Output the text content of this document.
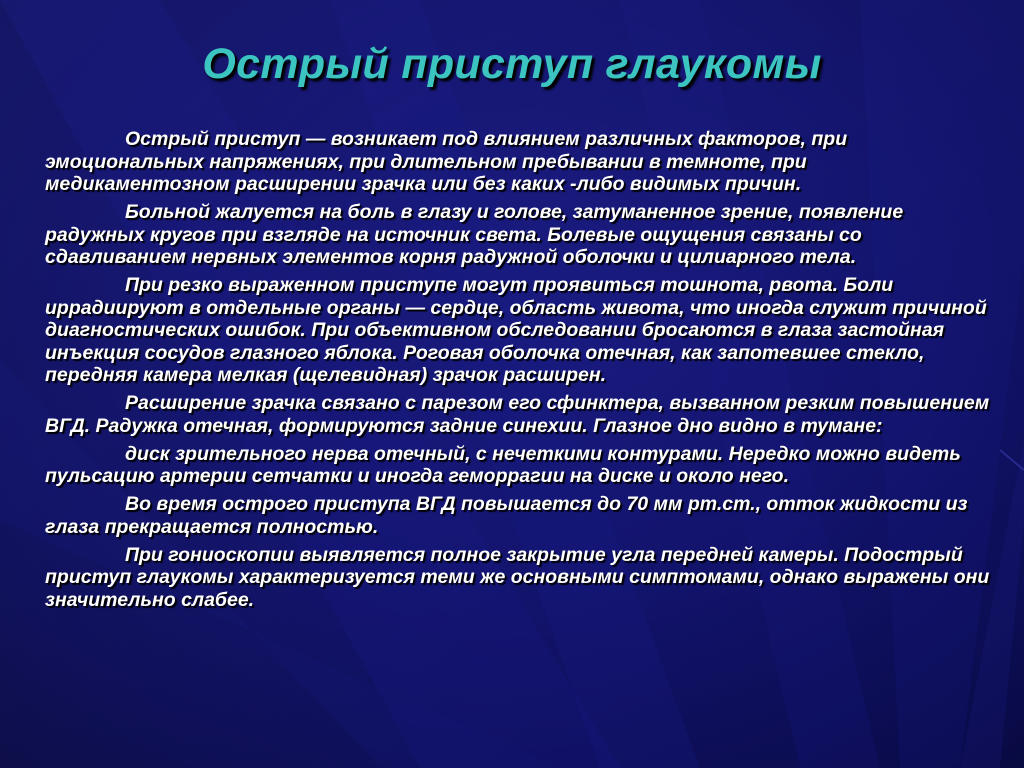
Острый приступ глаукомы

Острый приступ — возникает под влиянием различных факторов, при эмоциональных напряжениях, при длительном пребывании в темноте, при медикаментозном расширении зрачка или без каких -либо видимых причин.

Больной жалуется на боль в глазу и голове, затуманенное зрение, появление радужных кругов при взгляде на источник света. Болевые ощущения связаны со сдавливанием нервных элементов корня радужной оболочки и цилиарного тела.

При резко выраженном приступе могут проявиться тошнота, рвота. Боли иррадиируют в отдельные органы — сердце, область живота, что иногда служит причиной диагностических ошибок. При объективном обследовании бросаются в глаза застойная инъекция сосудов глазного яблока. Роговая оболочка отечная, как запотевшее стекло, передняя камера мелкая (щелевидная) зрачок расширен.

Расширение зрачка связано с парезом его сфинктера, вызванном резким повышением ВГД. Радужка отечная, формируются задние синехии. Глазное дно видно в тумане:

диск зрительного нерва отечный, с нечеткими контурами. Нередко можно видеть пульсацию артерии сетчатки и иногда геморрагии на диске и около него.

Во время острого приступа ВГД повышается до 70 мм рт.ст., отток жидкости из глаза прекращается полностью.

При гониоскопии выявляется полное закрытие угла передней камеры. Подострый приступ глаукомы характеризуется теми же основными симптомами, однако выражены они значительно слабее.
